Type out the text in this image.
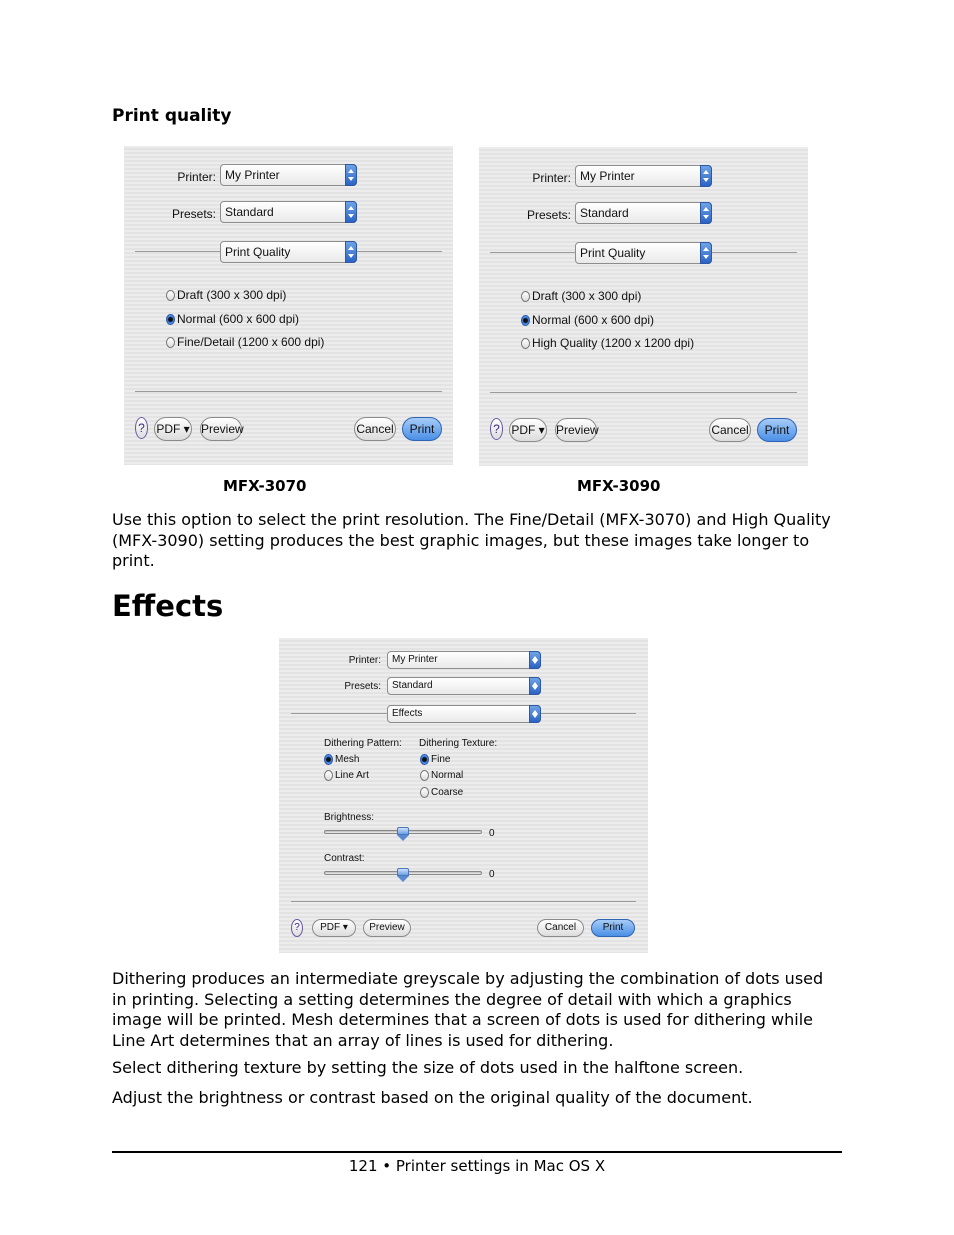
Print quality
Printer: My Printer
Presets: Standard
Print Quality
Draft (300 x 300 dpi)
Normal (600 x 600 dpi)
Fine/Detail (1200 x 600 dpi)
? PDF ▾ Preview	Cancel	Print
MFX-3070
Printer: My Printer
Presets: Standard
Print Quality
Draft (300 x 300 dpi)
Normal (600 x 600 dpi)
High Quality (1200 x 1200 dpi)
? PDF ▾ Preview	Cancel	Print
MFX-3090
Use this option to select the print resolution. The Fine/Detail (MFX-3070) and High Quality (MFX-3090) setting produces the best graphic images, but these images take longer to print.
Effects
Printer:	My Printer
Presets:	Standard
Effects
Dithering Pattern:
Mesh
Line Art
Dithering Texture:
Fine
Normal
Coarse
Brightness:
0
Contrast:
0
?	PDF ▾	Preview	Cancel	Print
Dithering produces an intermediate greyscale by adjusting the combination of dots used in printing. Selecting a setting determines the degree of detail with which a graphics image will be printed. Mesh determines that a screen of dots is used for dithering while Line Art determines that an array of lines is used for dithering.
Select dithering texture by setting the size of dots used in the halftone screen.
Adjust the brightness or contrast based on the original quality of the document.
121 • Printer settings in Mac OS X
